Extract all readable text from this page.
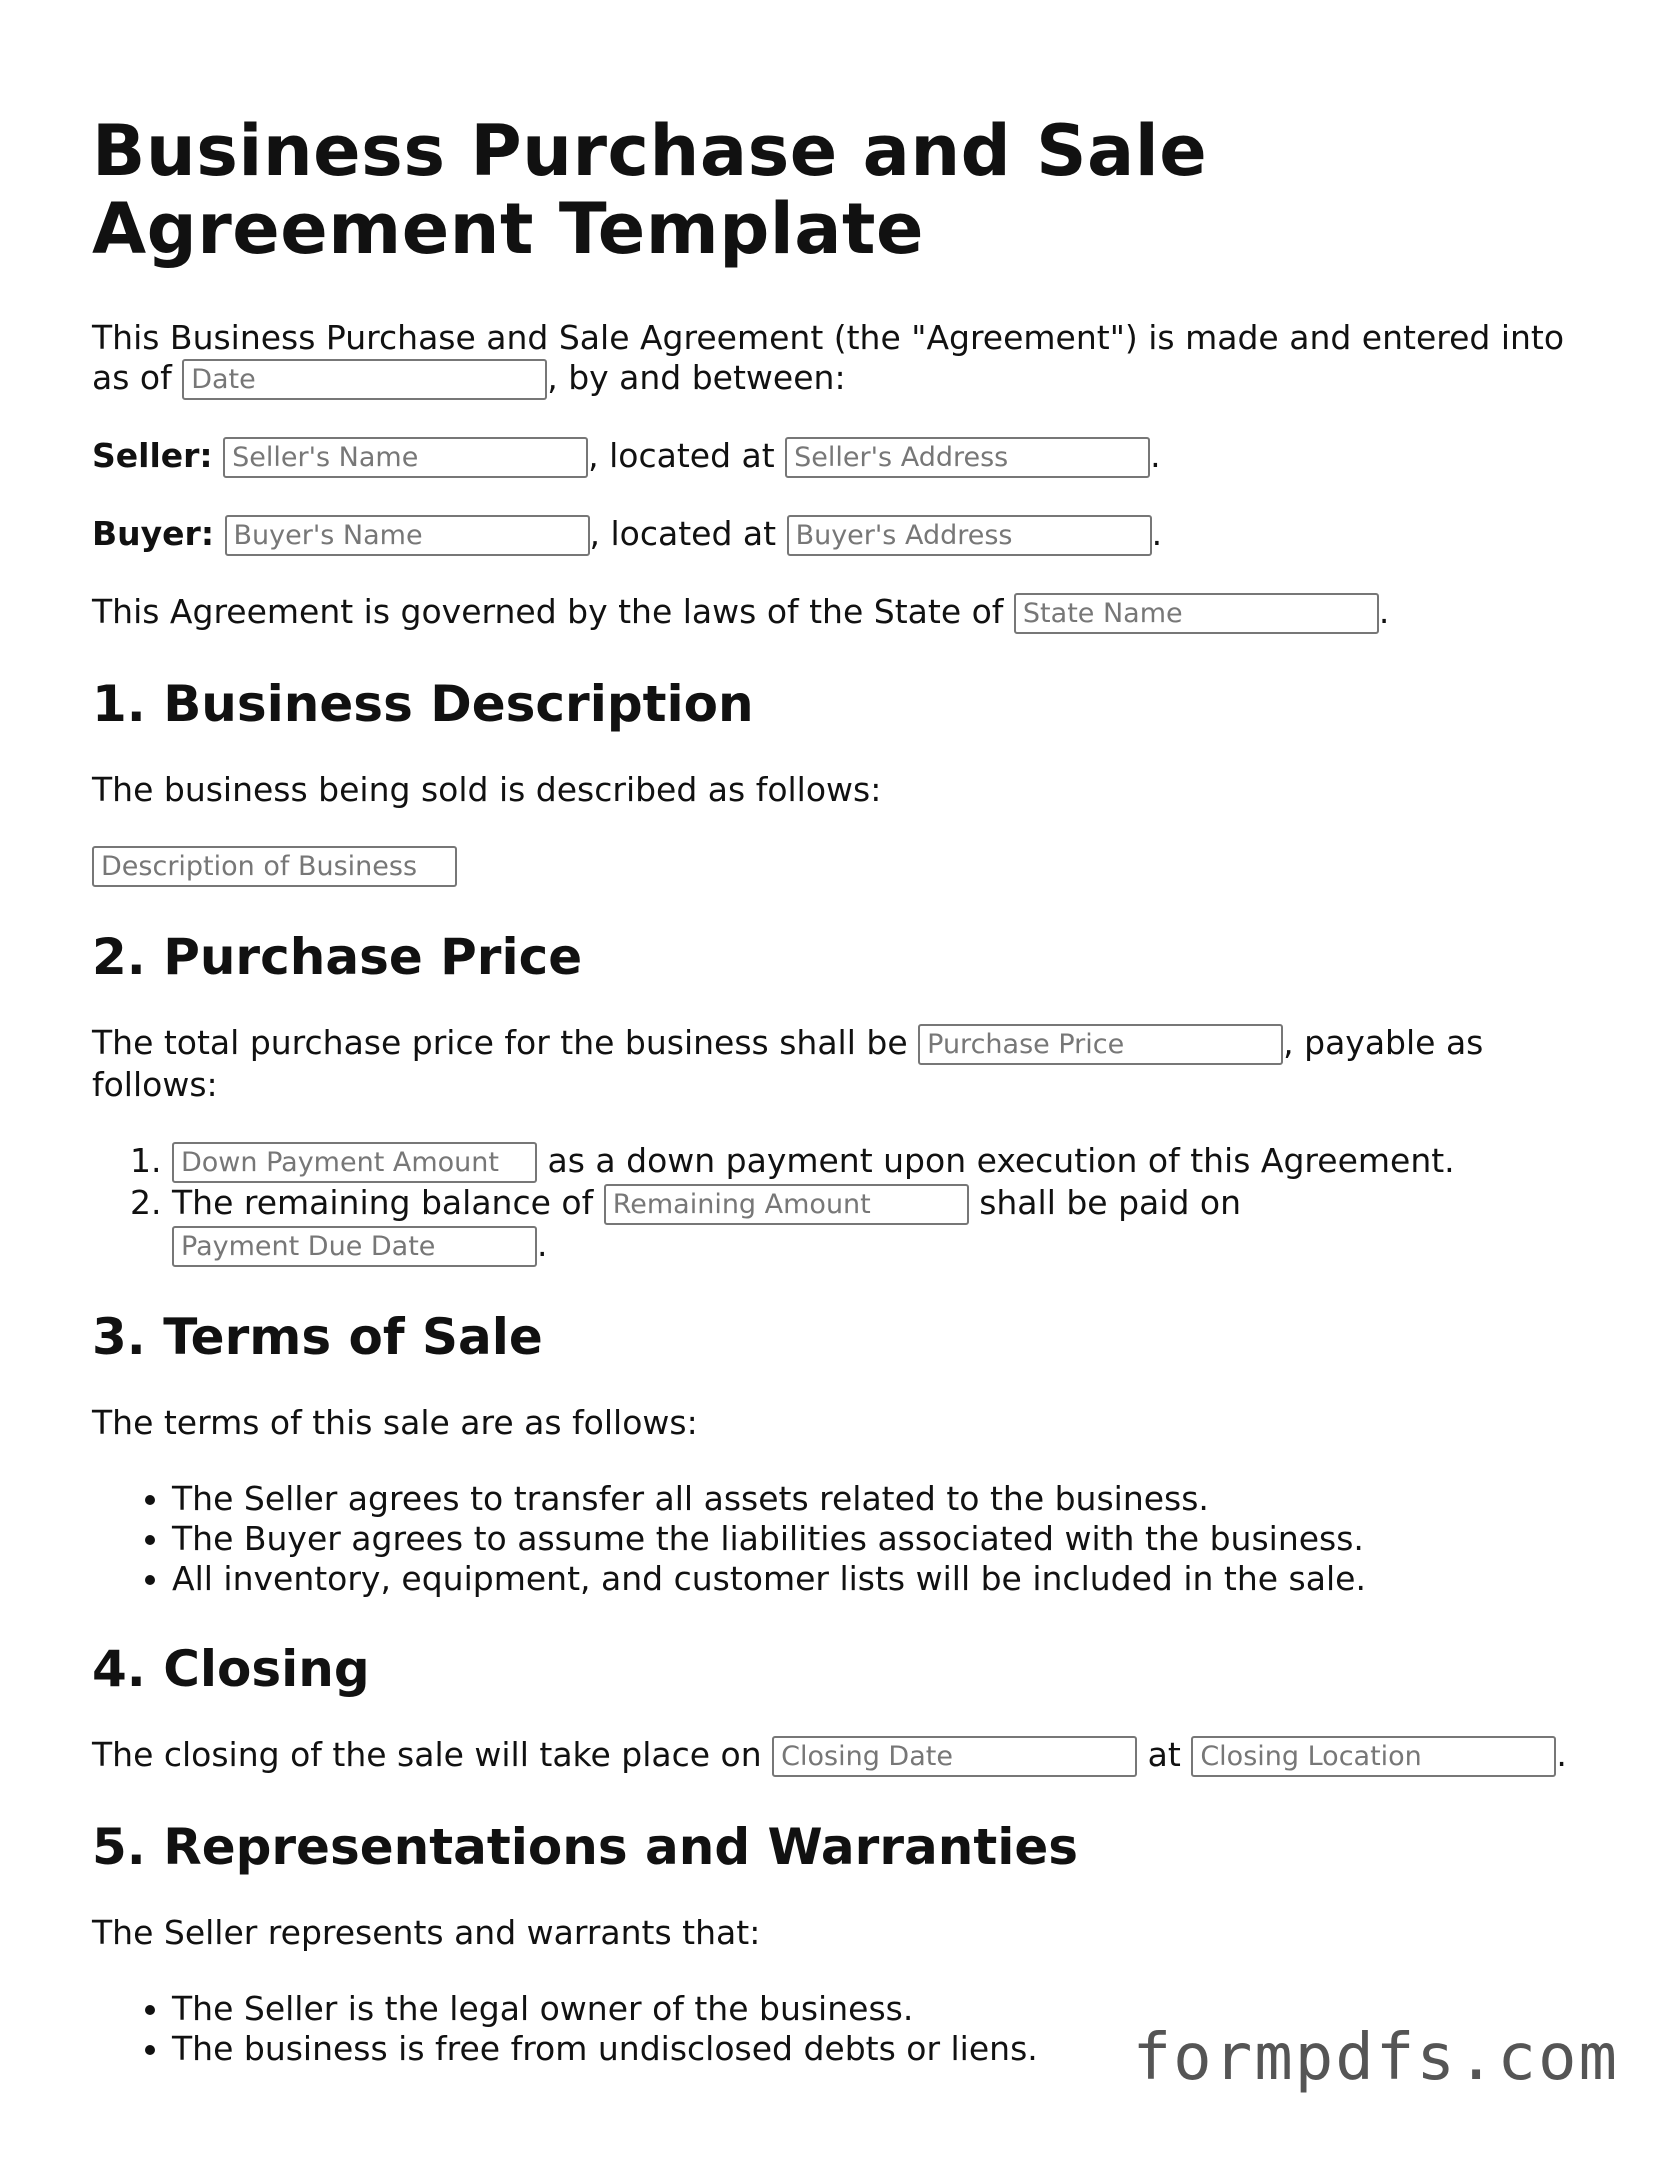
Business Purchase and Sale Agreement Template

This Business Purchase and Sale Agreement (the "Agreement") is made and entered into as of Date	, by and between:

Seller: Seller's Name	, located at Seller's Address	.

Buyer: Buyer's Name	, located at Buyer's Address	.

This Agreement is governed by the laws of the State of State Name	.

1. Business Description

The business being sold is described as follows:

Description of Business
2. Purchase Price

The total purchase price for the business shall be Purchase Price	, payable as follows:

1. Down Payment Amount as a down payment upon execution of this Agreement.
2. The remaining balance of Remaining Amount	shall be paid on Payment Due Date	.
3. Terms of Sale

The terms of this sale are as follows:

• The Seller agrees to transfer all assets related to the business.
• The Buyer agrees to assume the liabilities associated with the business.
• All inventory, equipment, and customer lists will be included in the sale.
4. Closing

The closing of the sale will take place on Closing Date	at Closing Location	.

5. Representations and Warranties

The Seller represents and warrants that:

• The Seller is the legal owner of the business.
• The business is free from undisclosed debts or liens.	formpdfs.com
